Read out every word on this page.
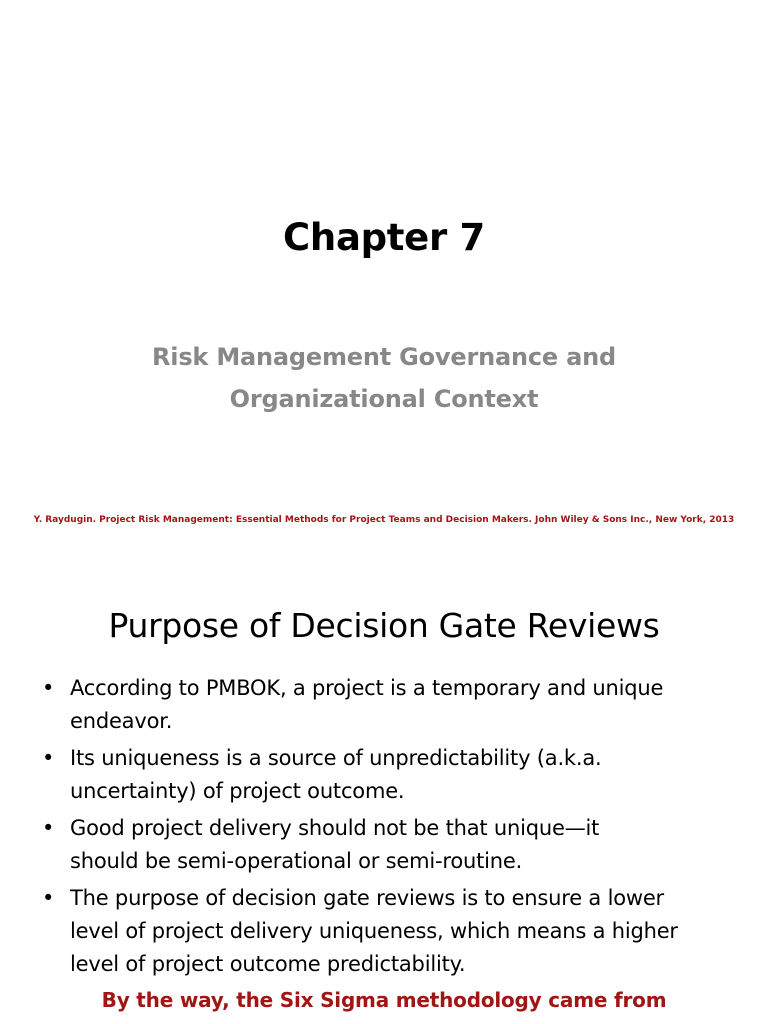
Chapter 7
Risk Management Governance and
Organizational Context
Y. Raydugin. Project Risk Management: Essential Methods for Project Teams and Decision Makers. John Wiley & Sons Inc., New York, 2013
Purpose of Decision Gate Reviews
• According to PMBOK, a project is a temporary and unique
endeavor.
• Its uniqueness is a source of unpredictability (a.k.a.
uncertainty) of project outcome.
• Good project delivery should not be that unique—it
should be semi-operational or semi-routine.
• The purpose of decision gate reviews is to ensure a lower
level of project delivery uniqueness, which means a higher
level of project outcome predictability.
By the way, the Six Sigma methodology came from
